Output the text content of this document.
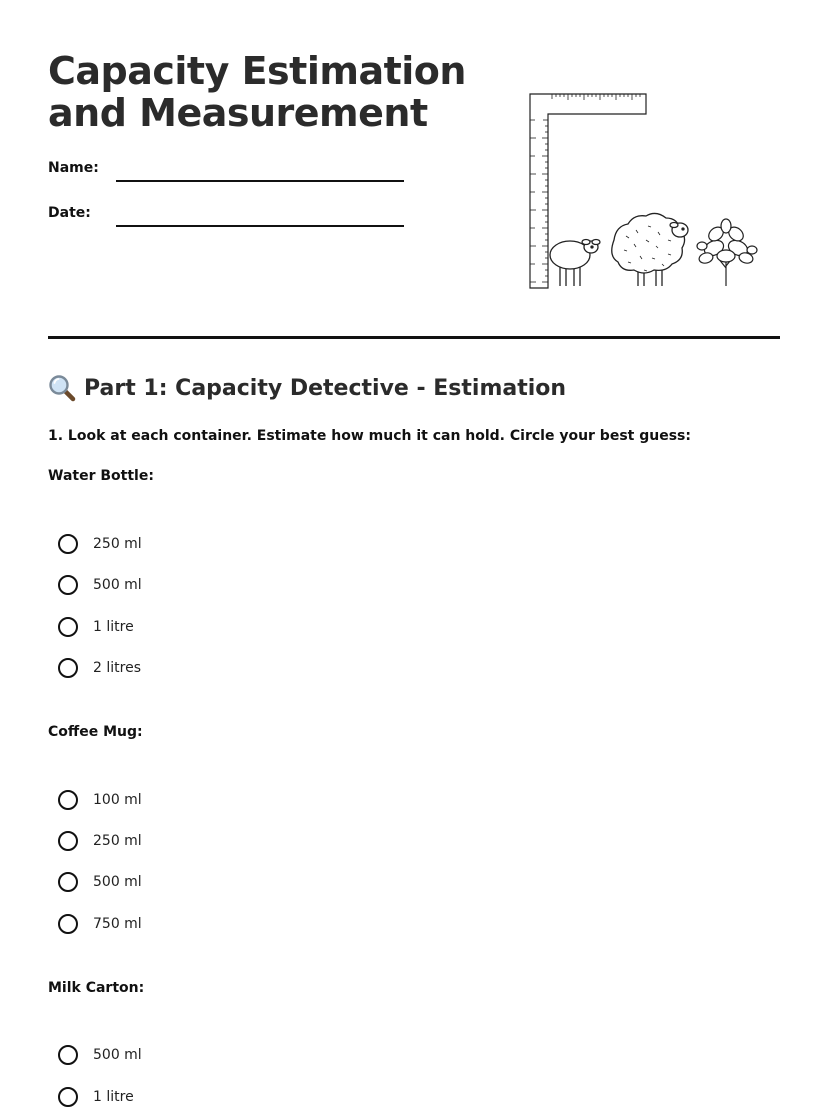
Capacity Estimation and Measurement
Name:
Date:
Part 1: Capacity Detective - Estimation
1. Look at each container. Estimate how much it can hold. Circle your best guess:
Water Bottle:
250 ml
500 ml
1 litre
2 litres
Coffee Mug:
100 ml
250 ml
500 ml
750 ml
Milk Carton:
500 ml
1 litre
